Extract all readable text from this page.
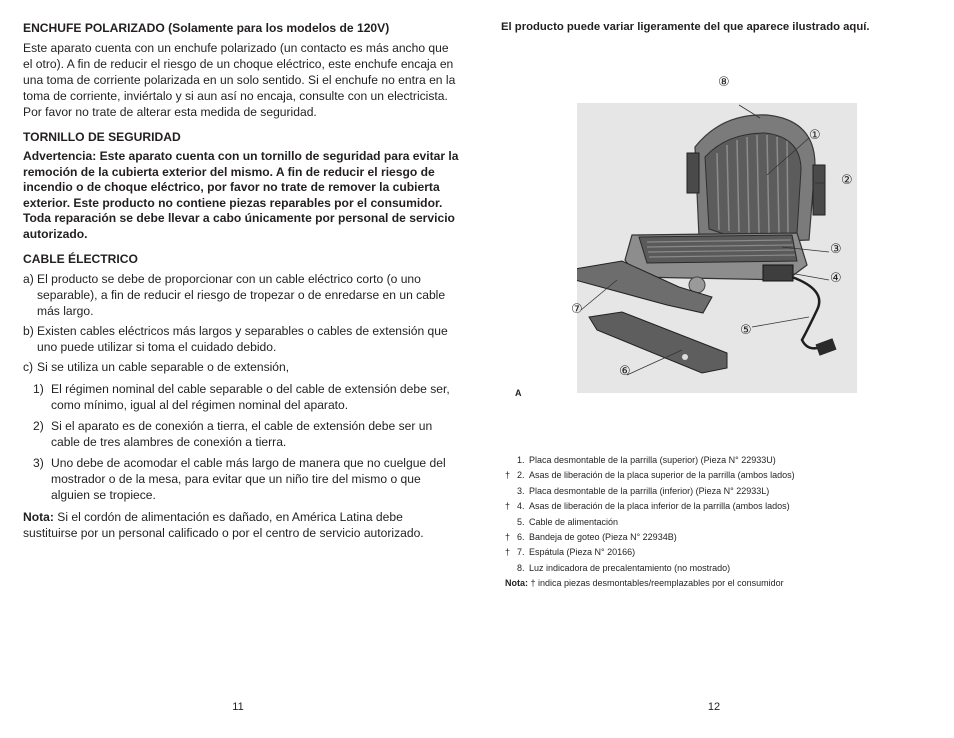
ENCHUFE POLARIZADO (Solamente para los modelos de 120V)
Este aparato cuenta con un enchufe polarizado (un contacto es más ancho que el otro). A fin de reducir el riesgo de un choque eléctrico, este enchufe encaja en una toma de corriente polarizada en un solo sentido. Si el enchufe no entra en la toma de corriente, inviértalo y si aun así no encaja, consulte con un electricista. Por favor no trate de alterar esta medida de seguridad.
TORNILLO DE SEGURIDAD
Advertencia: Este aparato cuenta con un tornillo de seguridad para evitar la remoción de la cubierta exterior del mismo. A fin de reducir el riesgo de incendio o de choque eléctrico, por favor no trate de remover la cubierta exterior. Este producto no contiene piezas reparables por el consumidor. Toda reparación se debe llevar a cabo únicamente por personal de servicio autorizado.
CABLE ÉLECTRICO
a) El producto se debe de proporcionar con un cable eléctrico corto (o uno separable), a fin de reducir el riesgo de tropezar o de enredarse en un cable más largo.
b) Existen cables eléctricos más largos y separables o cables de extensión que uno puede utilizar si toma el cuidado debido.
c) Si se utiliza un cable separable o de extensión,
1) El régimen nominal del cable separable o del cable de extensión debe ser, como mínimo, igual al del régimen nominal del aparato.
2) Si el aparato es de conexión a tierra, el cable de extensión debe ser un cable de tres alambres de conexión a tierra.
3) Uno debe de acomodar el cable más largo de manera que no cuelgue del mostrador o de la mesa, para evitar que un niño tire del mismo o que alguien se tropiece.
Nota: Si el cordón de alimentación es dañado, en América Latina debe sustituirse por un personal calificado o por el centro de servicio autorizado.
11
El producto puede variar ligeramente del que aparece ilustrado aquí.
⑧
①
②
③
④
⑤
⑦
⑥
A
1. Placa desmontable de la parrilla (superior) (Pieza N° 22933U)
† 2. Asas de liberación de la placa superior de la parrilla (ambos lados)
3. Placa desmontable de la parrilla (inferior) (Pieza N° 22933L)
† 4. Asas de liberación de la placa inferior de la parrilla (ambos lados)
5. Cable de alimentación
† 6. Bandeja de goteo (Pieza N° 22934B)
† 7. Espátula (Pieza N° 20166)
8. Luz indicadora de precalentamiento (no mostrado)
Nota: † indica piezas desmontables/reemplazables por el consumidor
12
